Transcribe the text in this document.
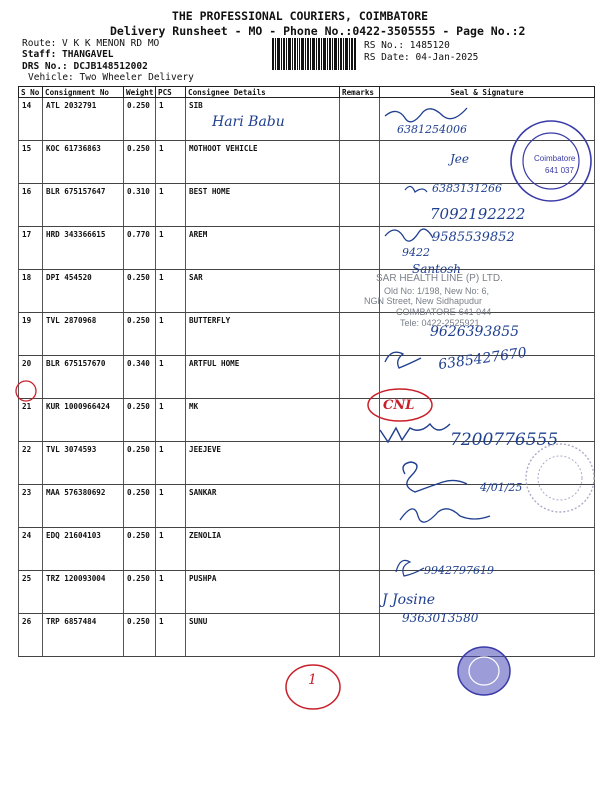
THE PROFESSIONAL COURIERS, COIMBATORE
Delivery Runsheet - MO - Phone No.:0422-3505555 - Page No.:2
Route: V K K MENON RD MO
Staff: THANGAVEL
DRS No.: DCJB148512002
Vehicle: Two Wheeler Delivery
RS No.: 1485120
RS Date: 04-Jan-2025
S No	Consignment No	Weight	PCS	Consignee Details	Remarks	Seal & Signature
14	ATL 2032791	0.250	1	SIB		
15	KOC 61736863	0.250	1	MOTHOOT VEHICLE		
16	BLR 675157647	0.310	1	BEST HOME		
17	HRD 343366615	0.770	1	AREM		
18	DPI 454520	0.250	1	SAR		
19	TVL 2870968	0.250	1	BUTTERFLY		
20	BLR 675157670	0.340	1	ARTFUL HOME		
21	KUR 1000966424	0.250	1	MK		
22	TVL 3074593	0.250	1	JEEJEVE		
23	MAA 576380692	0.250	1	SANKAR		
24	EDQ 21604103	0.250	1	ZENOLIA		
25	TRZ 120093004	0.250	1	PUSHPA		
26	TRP 6857484	0.250	1	SUNU		
SAR HEALTH LINE (P) LTD.
Old No: 1/198, New No: 6,
NGN Street, New Sidhapudur
COIMBATORE-641 044
Tele: 0422-2525921
Hari Babu	6381254006
Jee
6383131266
7092192222
9585539852
9422
Santosh
9626393855
6385427670
CNL
7200776555
4/01/25
9942797619
J Josine
9363013580
1
Coimbatore
641 037
